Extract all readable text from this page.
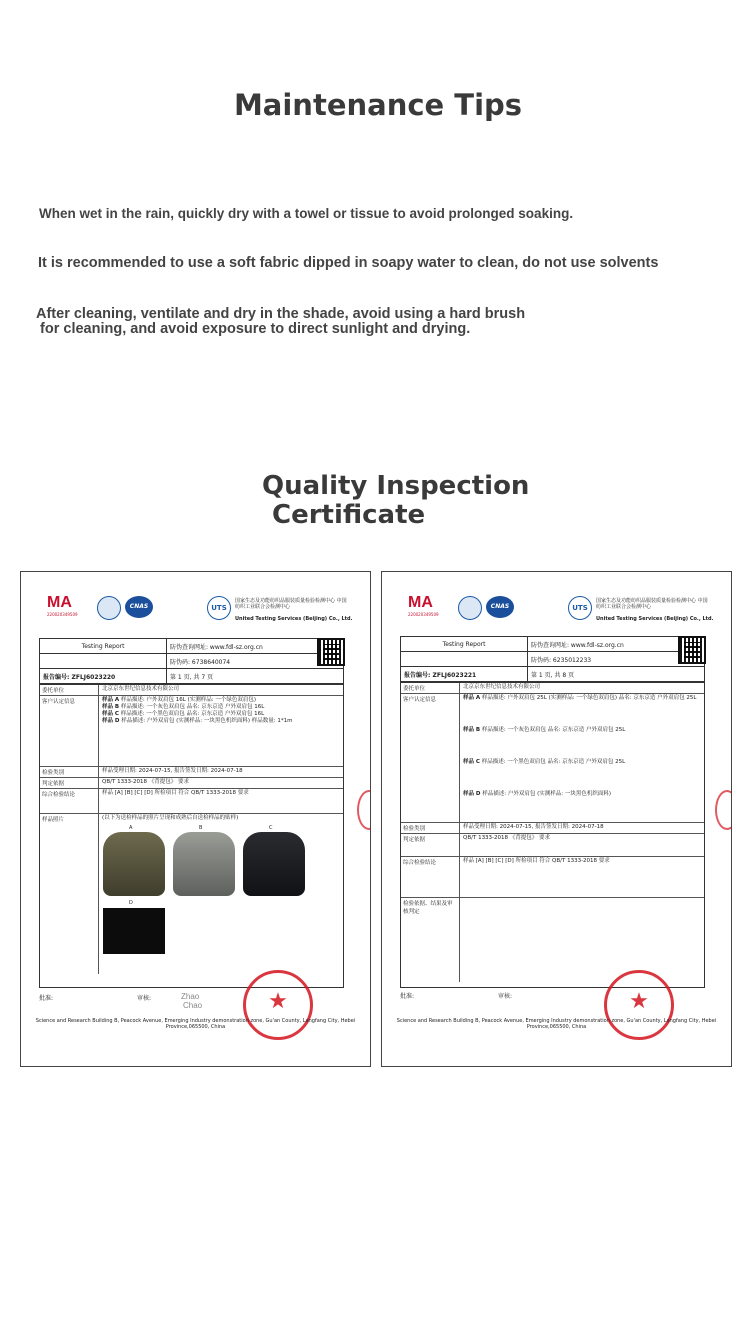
Maintenance Tips

When wet in the rain, quickly dry with a towel or tissue to avoid prolonged soaking.

It is recommended to use a soft fabric dipped in soapy water to clean, do not use solvents

After cleaning, ventilate and dry in the shade, avoid using a hard brush

for cleaning, and avoid exposure to direct sunlight and drying.

Quality Inspection
Certificate
MA
220020349509
CNAS	UTS
国家生态及功能纺织品服装质量检验检测中心 中国纺织工业联合会检测中心
United Testing Services (Beijing) Co., Ltd.
Testing Report	防伪查询网址: www.fdl-sz.org.cn
防伪码: 6738640074
报告编号: ZFLJ6023220	第 1 页, 共 7 页
委托单位	北京京东世纪信息技术有限公司
客户认定信息	样品 A 样品描述: 户外双肩包 16L (实测样品: 一个绿色双肩包)
样品 B 样品描述: 一个灰色双肩包 品名: 京东京造 户外双肩包 16L
样品 C 样品描述: 一个黑色双肩包 品名: 京东京造 户外双肩包 16L
样品 D 样品描述: 户外双肩包 (实测样品: 一块黑色机织面料) 样品数量: 1*1m
检验类别	样品受理日期: 2024-07-15, 报告签发日期: 2024-07-18
判定依据	QB/T 1333-2018 《背提包》 要求
综合检验结论	样品 [A] [B] [C] [D] 所检项目 符合 QB/T 1333-2018 要求
样品照片	(以下为送检样品的照片呈现和成熟后自送检样品的贴样)
A	B	C
D
批准:	审核:	Zhao
Chao	★
Science and Research Building B, Peacock Avenue, Emerging Industry demonstration zone, Gu'an County, Langfang City, Hebei Province,065500, China
MA
220020349509
CNAS	UTS
国家生态及功能纺织品服装质量检验检测中心 中国纺织工业联合会检测中心
United Testing Services (Beijing) Co., Ltd.
Testing Report	防伪查询网址: www.fdl-sz.org.cn
防伪码: 6235012233
报告编号: ZFLJ6023221	第 1 页, 共 8 页
委托单位	北京京东世纪信息技术有限公司
客户认定信息	样品 A 样品描述: 户外双肩包 25L (实测样品: 一个绿色双肩包) 品名: 京东京造 户外双肩包 25L
样品 B 样品描述: 一个灰色双肩包 品名: 京东京造 户外双肩包 25L
样品 C 样品描述: 一个黑色双肩包 品名: 京东京造 户外双肩包 25L
样品 D 样品描述: 户外双肩包 (实测样品: 一块黑色机织面料)
检验类别	样品受理日期: 2024-07-15, 报告签发日期: 2024-07-18
判定依据	QB/T 1333-2018 《背提包》 要求
综合检验结论	样品 [A] [B] [C] [D] 所检项目 符合 QB/T 1333-2018 要求
检验依据、结果及审核判定
批准:	审核:	★
Science and Research Building B, Peacock Avenue, Emerging Industry demonstration zone, Gu'an County, Langfang City, Hebei Province,065500, China
